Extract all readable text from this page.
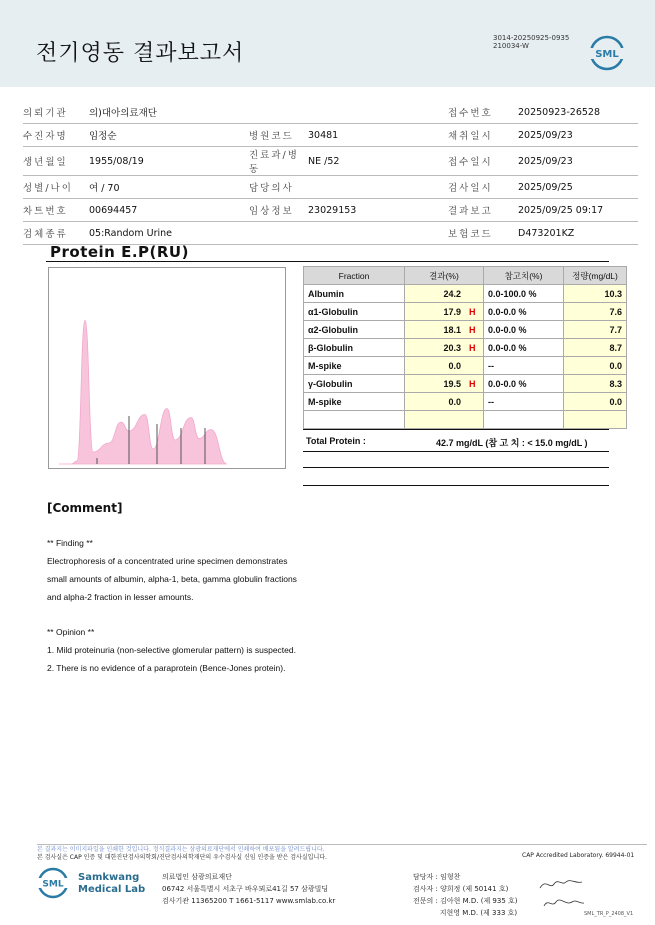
전기영동 결과보고서
3014-20250925-0935
210034-W
SML
의뢰기관	의)대아의료재단			접수번호	20250923-26528
수진자명	임정순	병원코드	30481	채취일시	2025/09/23
생년월일	1955/08/19	진료과/병동	NE /52	접수일시	2025/09/23
성별/나이	여 / 70	담당의사		검사일시	2025/09/25
차트번호	00694457	임상정보	23029153	결과보고	2025/09/25 09:17
검체종류	05:Random Urine			보험코드	D473201KZ
Protein E.P(RU)
Fraction	결과(%)	참고치(%)	정량(mg/dL)
Albumin	24.2	0.0-100.0 %	10.3
α1-Globulin	17.9 H	0.0-0.0 %	7.6
α2-Globulin	18.1 H	0.0-0.0 %	7.7
β-Globulin	20.3 H	0.0-0.0 %	8.7
M-spike	0.0	--	0.0
γ-Globulin	19.5 H	0.0-0.0 %	8.3
M-spike	0.0	--	0.0

Total Protein :	42.7 mg/dL (참 고 치 : < 15.0 mg/dL )
[Comment]
** Finding **
Electrophoresis of a concentrated urine specimen demonstrates
small amounts of albumin, alpha-1, beta, gamma globulin fractions
and alpha-2 fraction in lesser amounts.
** Opinion **
1. Mild proteinuria (non-selective glomerular pattern) is suspected.
2. There is no evidence of a paraprotein (Bence-Jones protein).
본 결과지는 이미지파일을 인쇄한 것입니다. 정식결과지는 삼광의료재단에서 인쇄하여 배포됨을 알려드립니다.
본 검사실은 CAP 인증 및 대한진단검사의학회/진단검사의학재단의 우수검사실 신임 인증을 받은 검사실입니다.	CAP Accredited Laboratory. 69944-01
SML
Samkwang
Medical Lab
의료법인 삼광의료재단
06742 서울특별시 서초구 바우뫼로41길 57 삼광빌딩
검사기관 11365200 T 1661-5117 www.smlab.co.kr
담당자 : 임형찬
검사자 : 양희정 (제 50141 호)
전문의 : 김아현 M.D. (제 935 호)
지현영 M.D. (제 333 호)	SML_TR_P_2408_V1
